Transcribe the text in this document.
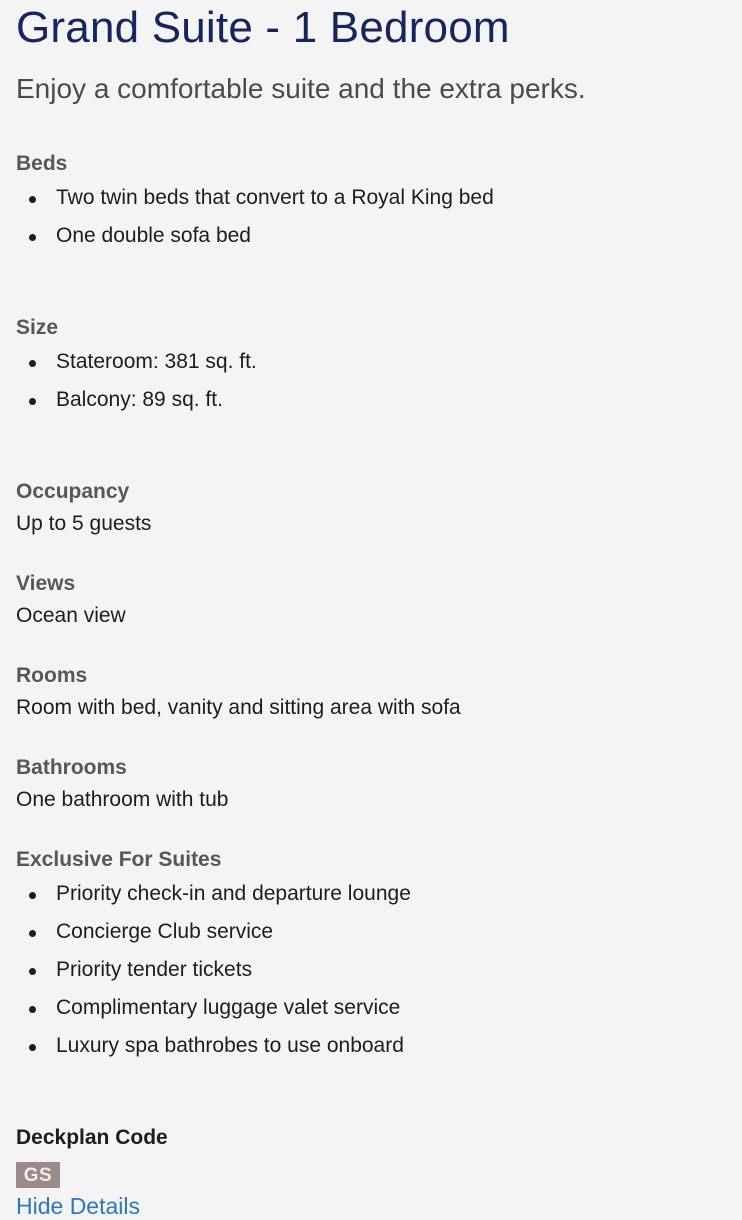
Grand Suite - 1 Bedroom

Enjoy a comfortable suite and the extra perks.

Beds
Two twin beds that convert to a Royal King bed
One double sofa bed
Size
Stateroom: 381 sq. ft.
Balcony: 89 sq. ft.
Occupancy
Up to 5 guests
Views
Ocean view
Rooms
Room with bed, vanity and sitting area with sofa
Bathrooms
One bathroom with tub
Exclusive For Suites
Priority check-in and departure lounge
Concierge Club service
Priority tender tickets
Complimentary luggage valet service
Luxury spa bathrobes to use onboard
Deckplan Code
GS
Hide Details
